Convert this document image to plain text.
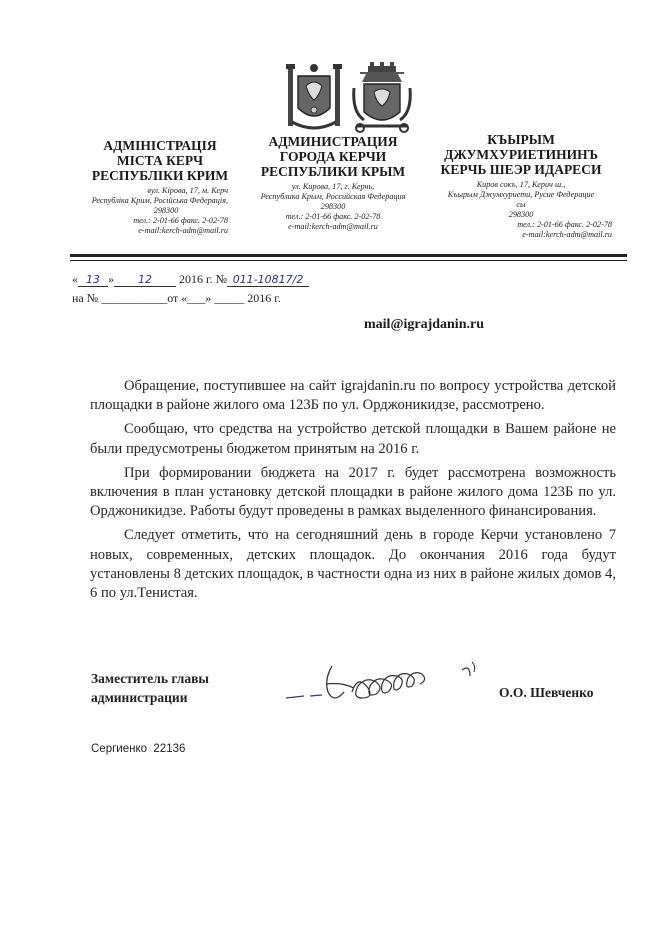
АДМІНІСТРАЦІЯ
МІСТА КЕРЧ
РЕСПУБЛІКИ КРИМ
вул. Кірова, 17, м. Керч
Республіка Крим, Російська Федерація,
298300
тел.: 2-01-66 факс. 2-02-78
e-mail:kerch-adm@mail.ru
АДМИНИСТРАЦИЯ
ГОРОДА КЕРЧИ
РЕСПУБЛИКИ КРЫМ
ул. Кирова, 17, г. Керчь,
Республика Крым, Российская Федерация
298300
тел.: 2-01-66 факс. 2-02-78
e-mail:kerch-adm@mail.ru
КЪЫРЫМ
ДЖУМХУРИЕТИНИНЪ
КЕРЧЬ ШЕЭР ИДАРЕСИ
Киров сокъ, 17, Керич ш.,
Къырым Джумхуриети, Русие Федерацие
сы
298300
тел.: 2-01-66 факс. 2-02-78
e-mail:kerch-adm@mail.ru
« 13 » 12 2016 г. № 011-10817/2
на № ___________от «___» _____ 2016 г.
mail@igrajdanin.ru

Обращение, поступившее на сайт igrajdanin.ru по вопросу устройства детской площадки в районе жилого ома 123Б по ул. Орджоникидзе, рассмотрено.

Сообщаю, что средства на устройство детской площадки в Вашем районе не были предусмотрены бюджетом принятым на 2016 г.

При формировании бюджета на 2017 г. будет рассмотрена возможность включения в план установку детской площадки в районе жилого дома 123Б по ул. Орджоникидзе. Работы будут проведены в рамках выделенного финансирования.

Следует отметить, что на сегодняшний день в городе Керчи установлено 7 новых, современных, детских площадок. До окончания 2016 года будут установлены 8 детских площадок, в частности одна из них в районе жилых домов 4, 6 по ул.Тенистая.

Заместитель главы
администрации	О.О. Шевченко
Сергиенко  22136
